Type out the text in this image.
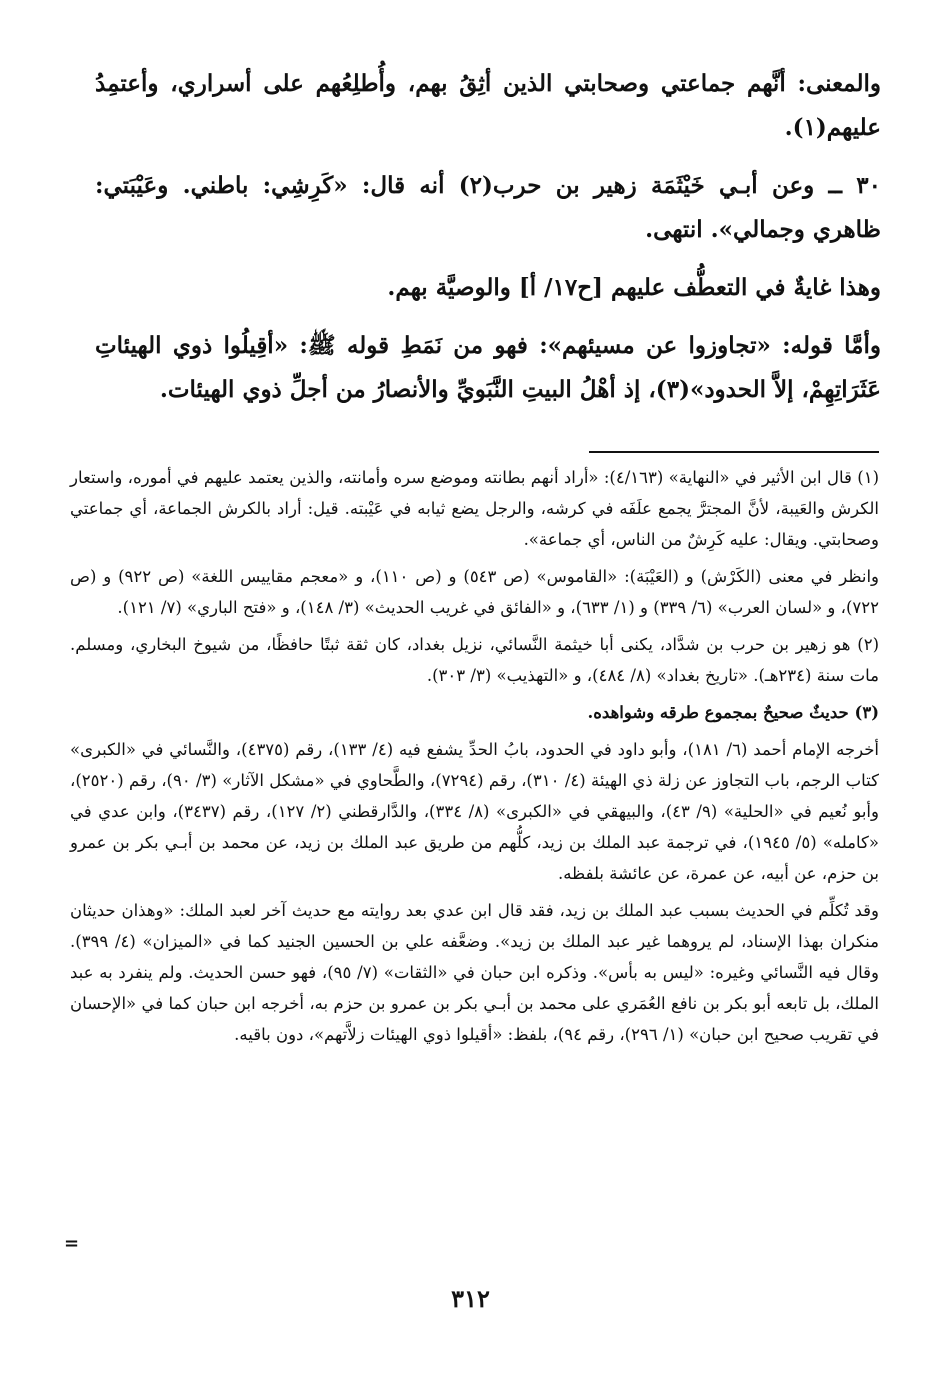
والمعنى: أنَّهم جماعتي وصحابتي الذين أثِقُ بهم، وأُطلِعُهم على أسراري، وأعتمِدُ عليهم(١).

٣٠ ــ وعن أبـي خَيْثَمَة زهير بن حرب(٢) أنه قال: «كَرِشِي: باطني. وعَيْبَتي: ظاهري وجمالي». انتهى.

وهذا غايةٌ في التعطُّف عليهم [ح١٧/ أ] والوصيَّة بهم.

وأمَّا قوله: «تجاوزوا عن مسيئهم»: فهو من نَمَطِ قوله ﷺ: «أقِيلُوا ذوي الهيئاتِ عَثَرَاتِهِمْ، إلاَّ الحدود»(٣)، إذ أهْلُ البيتِ النَّبَويِّ والأنصارُ من أجلِّ ذوي الهيئات.

(١) قال ابن الأثير في «النهاية» (٤/١٦٣): «أراد أنهم بطانته وموضع سره وأمانته، والذين يعتمد عليهم في أموره، واستعار الكرش والعَيبة، لأنَّ المجترَّ يجمع علَفَه في كرشه، والرجل يضع ثيابه في عَيْبته. قيل: أراد بالكرش الجماعة، أي جماعتي وصحابتي. ويقال: عليه كَرِشٌ من الناس، أي جماعة».

وانظر في معنى (الكَرْش) و (العَيْبَة): «القاموس» (ص ٥٤٣) و (ص ١١٠)، و «معجم مقاييس اللغة» (ص ٩٢٢) و (ص ٧٢٢)، و «لسان العرب» (٦/ ٣٣٩) و (١/ ٦٣٣)، و «الفائق في غريب الحديث» (٣/ ١٤٨)، و «فتح الباري» (٧/ ١٢١).

(٢) هو زهير بن حرب بن شدَّاد، يكنى أبا خيثمة النَّسائي، نزيل بغداد، كان ثقة ثبتًا حافظًا، من شيوخ البخاري، ومسلم. مات سنة (٢٣٤هـ). «تاريخ بغداد» (٨/ ٤٨٤)، و «التهذيب» (٣/ ٣٠٣).

(٣) حديثٌ صحيحٌ بمجموع طرقه وشواهده.

أخرجه الإمام أحمد (٦/ ١٨١)، وأبو داود في الحدود، بابُ الحدِّ يشفع فيه (٤/ ١٣٣)، رقم (٤٣٧٥)، والنَّسائي في «الكبرى» كتاب الرجم، باب التجاوز عن زلة ذي الهيئة (٤/ ٣١٠)، رقم (٧٢٩٤)، والطَّحاوي في «مشكل الآثار» (٣/ ٩٠)، رقم (٢٥٢٠)، وأبو نُعيم في «الحلية» (٩/ ٤٣)، والبيهقي في «الكبرى» (٨/ ٣٣٤)، والدَّارقطني (٢/ ١٢٧)، رقم (٣٤٣٧)، وابن عدي في «كامله» (٥/ ١٩٤٥)، في ترجمة عبد الملك بن زيد، كلُّهم من طريق عبد الملك بن زيد، عن محمد بن أبـي بكر بن عمرو بن حزم، عن أبيه، عن عمرة، عن عائشة بلفظه.

وقد تُكلِّم في الحديث بسبب عبد الملك بن زيد، فقد قال ابن عدي بعد روايته مع حديث آخر لعبد الملك: «وهذان حديثان منكران بهذا الإسناد، لم يروهما غير عبد الملك بن زيد». وضعَّفه علي بن الحسين الجنيد كما في «الميزان» (٤/ ٣٩٩). وقال فيه النَّسائي وغيره: «ليس به بأس». وذكره ابن حبان في «الثقات» (٧/ ٩٥)، فهو حسن الحديث. ولم ينفرد به عبد الملك، بل تابعه أبو بكر بن نافع العُمَري على محمد بن أبـي بكر بن عمرو بن حزم به، أخرجه ابن حبان كما في «الإحسان في تقريب صحيح ابن حبان» (١/ ٢٩٦)، رقم ٩٤)، بلفظ: «أقيلوا ذوي الهيئات زلاَّتهم»، دون باقيه.

=
٣١٢
